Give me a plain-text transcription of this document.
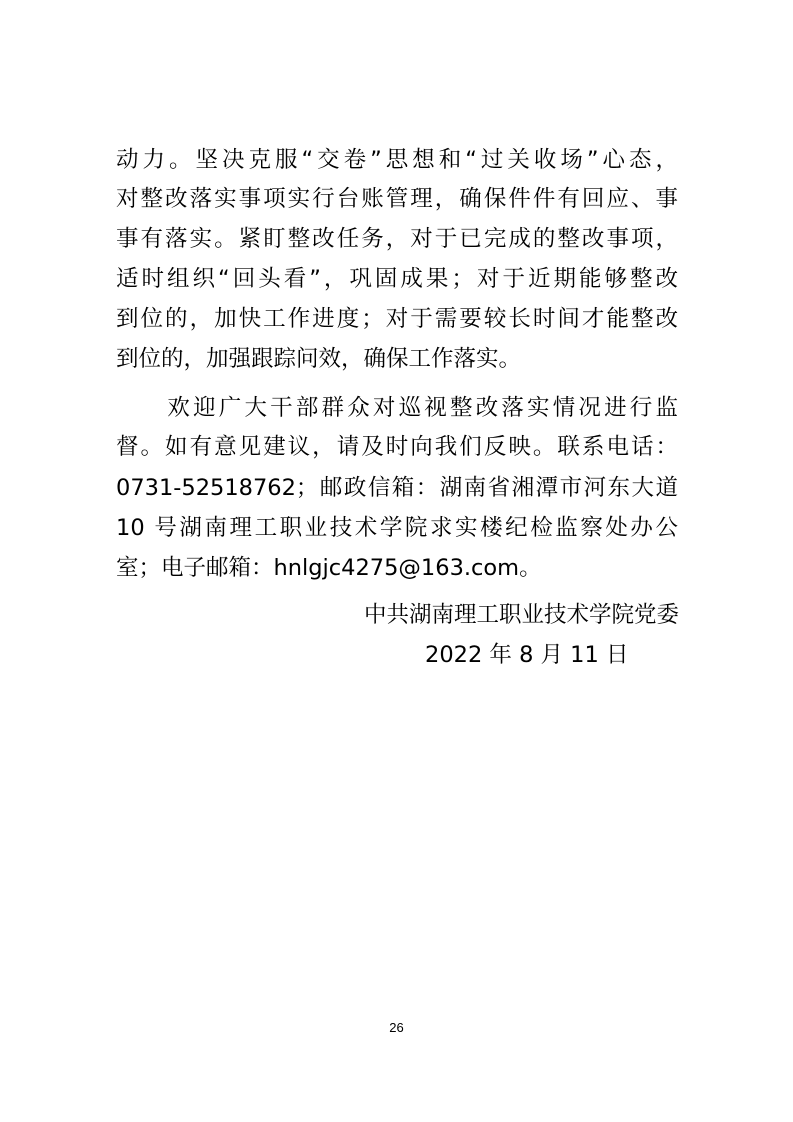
动力。坚决克服“交卷”思想和“过关收场”心态，
对整改落实事项实行台账管理，确保件件有回应、事
事有落实。紧盯整改任务，对于已完成的整改事项，
适时组织“回头看”，巩固成果；对于近期能够整改
到位的，加快工作进度；对于需要较长时间才能整改
到位的，加强跟踪问效，确保工作落实。
　　欢迎广大干部群众对巡视整改落实情况进行监
督。如有意见建议，请及时向我们反映。联系电话：
0731-52518762；邮政信箱：湖南省湘潭市河东大道
10 号湖南理工职业技术学院求实楼纪检监察处办公
室；电子邮箱：hnlgjc4275@163.com。
中共湖南理工职业技术学院党委
2022 年 8 月 11 日
26
